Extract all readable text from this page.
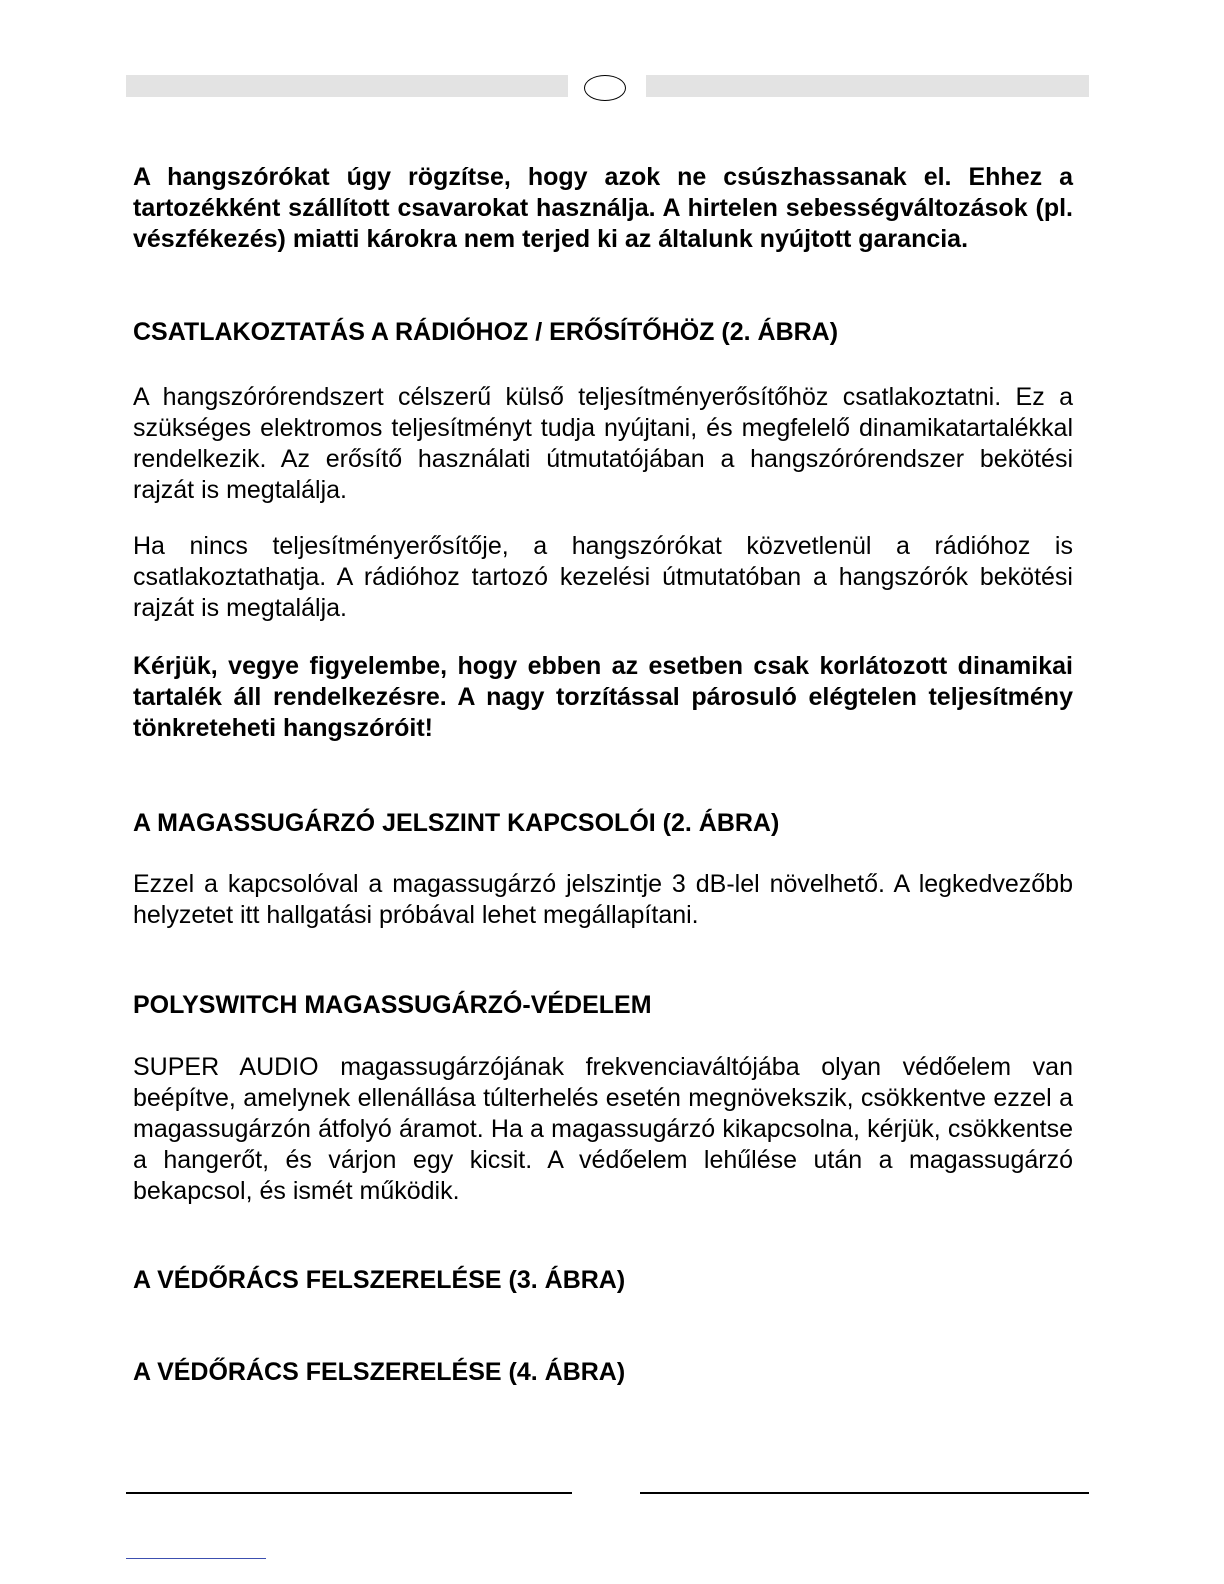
A hangszórókat úgy rögzítse, hogy azok ne csúszhassanak el. Ehhez a tartozékként szállított csavarokat használja. A hirtelen sebességváltozások (pl. vészfékezés) miatti károkra nem terjed ki az általunk nyújtott garancia.

CSATLAKOZTATÁS A RÁDIÓHOZ / ERŐSÍTŐHÖZ (2. ÁBRA)

A hangszórórendszert célszerű külső teljesítményerősítőhöz csatlakoztatni. Ez a szükséges elektromos teljesítményt tudja nyújtani, és megfelelő dinamikatartalékkal rendelkezik. Az erősítő használati útmutatójában a hangszórórendszer bekötési rajzát is megtalálja.

Ha nincs teljesítményerősítője, a hangszórókat közvetlenül a rádióhoz is csatlakoztathatja. A rádióhoz tartozó kezelési útmutatóban a hangszórók bekötési rajzát is megtalálja.

Kérjük, vegye figyelembe, hogy ebben az esetben csak korlátozott dinamikai tartalék áll rendelkezésre. A nagy torzítással párosuló elégtelen teljesítmény tönkreteheti hangszóróit!

A MAGASSUGÁRZÓ JELSZINT KAPCSOLÓI (2. ÁBRA)

Ezzel a kapcsolóval a magassugárzó jelszintje 3 dB-lel növelhető. A legkedvezőbb helyzetet itt hallgatási próbával lehet megállapítani.

POLYSWITCH MAGASSUGÁRZÓ-VÉDELEM

SUPER AUDIO magassugárzójának frekvenciaváltójába olyan védőelem van beépítve, amelynek ellenállása túlterhelés esetén megnövekszik, csökkentve ezzel a magassugárzón átfolyó áramot. Ha a magassugárzó kikapcsolna, kérjük, csökkentse a hangerőt, és várjon egy kicsit. A védőelem lehűlése után a magassugárzó bekapcsol, és ismét működik.

A VÉDŐRÁCS FELSZERELÉSE (3. ÁBRA)
A VÉDŐRÁCS FELSZERELÉSE (4. ÁBRA)
